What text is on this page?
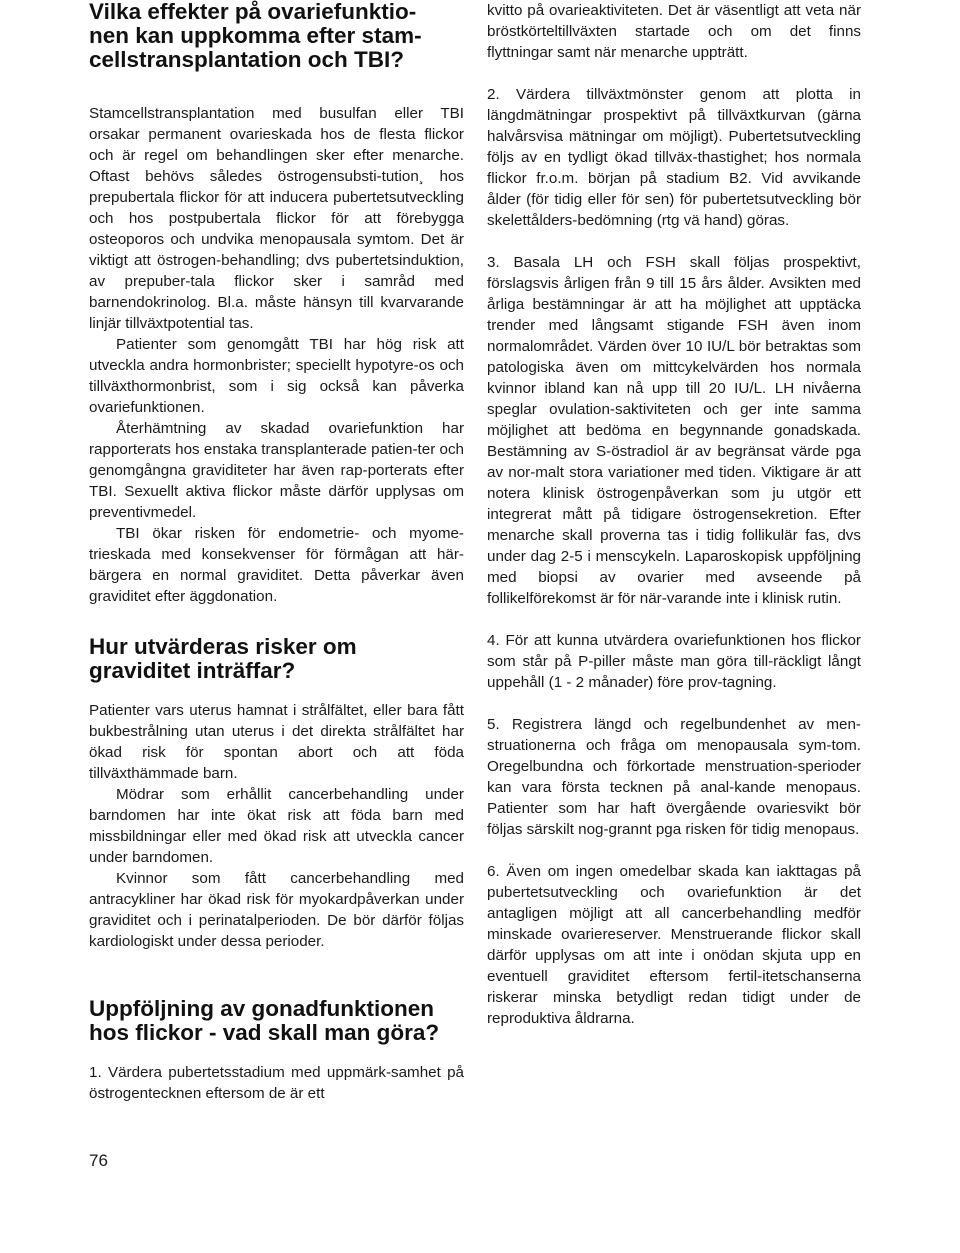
Vilka effekter på ovariefunktio-
nen kan uppkomma efter stam-
cellstransplantation och TBI?

Stamcellstransplantation med busulfan eller TBI orsakar permanent ovarieskada hos de flesta flickor och är regel om behandlingen sker efter menarche. Oftast behövs således östrogensubsti-tution¸ hos prepubertala flickor för att inducera pubertetsutveckling och hos postpubertala flickor för att förebygga osteoporos och undvika menopausala symtom. Det är viktigt att östrogen-behandling; dvs pubertetsinduktion, av prepuber-tala flickor sker i samråd med barnendokrinolog. Bl.a. måste hänsyn till kvarvarande linjär tillväxtpotential tas.

Patienter som genomgått TBI har hög risk att utveckla andra hormonbrister; speciellt hypotyre-os och tillväxthormonbrist, som i sig också kan påverka ovariefunktionen.

Återhämtning av skadad ovariefunktion har rapporterats hos enstaka transplanterade patien-ter och genomgångna graviditeter har även rap-porterats efter TBI. Sexuellt aktiva flickor måste därför upplysas om preventivmedel.

TBI ökar risken för endometrie- och myome-trieskada med konsekvenser för förmågan att här-bärgera en normal graviditet. Detta påverkar även graviditet efter äggdonation.

Hur utvärderas risker om
graviditet inträffar?

Patienter vars uterus hamnat i strålfältet, eller bara fått bukbestrålning utan uterus i det direkta strålfältet har ökad risk för spontan abort och att föda tillväxthämmade barn.

Mödrar som erhållit cancerbehandling under barndomen har inte ökat risk att föda barn med missbildningar eller med ökad risk att utveckla cancer under barndomen.

Kvinnor som fått cancerbehandling med antracykliner har ökad risk för myokardpåverkan under graviditet och i perinatalperioden. De bör därför följas kardiologiskt under dessa perioder.

Uppföljning av gonadfunktionen
hos flickor - vad skall man göra?

1. Värdera pubertetsstadium med uppmärk-samhet på östrogentecknen eftersom de är ett

kvitto på ovarieaktiviteten. Det är väsentligt att veta när bröstkörteltillväxten startade och om det finns flyttningar samt när menarche uppträtt.

2. Värdera tillväxtmönster genom att plotta in längdmätningar prospektivt på tillväxtkurvan (gärna halvårsvisa mätningar om möjligt). Pubertetsutveckling följs av en tydligt ökad tillväx-thastighet; hos normala flickor fr.o.m. början på stadium B2. Vid avvikande ålder (för tidig eller för sen) för pubertetsutveckling bör skelettålders-bedömning (rtg vä hand) göras.

3. Basala LH och FSH skall följas prospektivt, förslagsvis årligen från 9 till 15 års ålder. Avsikten med årliga bestämningar är att ha möjlighet att upptäcka trender med långsamt stigande FSH även inom normalområdet. Värden över 10 IU/L bör betraktas som patologiska även om mittcykelvärden hos normala kvinnor ibland kan nå upp till 20 IU/L. LH nivåerna speglar ovulation-saktiviteten och ger inte samma möjlighet att bedöma en begynnande gonadskada. Bestämning av S-östradiol är av begränsat värde pga av nor-malt stora variationer med tiden. Viktigare är att notera klinisk östrogenpåverkan som ju utgör ett integrerat mått på tidigare östrogensekretion. Efter menarche skall proverna tas i tidig follikulär fas, dvs under dag 2-5 i menscykeln. Laparoskopisk uppföljning med biopsi av ovarier med avseende på follikelförekomst är för när-varande inte i klinisk rutin.

4. För att kunna utvärdera ovariefunktionen hos flickor som står på P-piller måste man göra till-räckligt långt uppehåll (1 - 2 månader) före prov-tagning.

5. Registrera längd och regelbundenhet av men-struationerna och fråga om menopausala sym-tom. Oregelbundna och förkortade menstruation-sperioder kan vara första tecknen på anal-kande menopaus. Patienter som har haft övergående ovariesvikt bör följas särskilt nog-grannt pga risken för tidig menopaus.

6. Även om ingen omedelbar skada kan iakttagas på pubertetsutveckling och ovariefunktion är det antagligen möjligt att all cancerbehandling medför minskade ovariereserver. Menstruerande flickor skall därför upplysas om att inte i onödan skjuta upp en eventuell graviditet eftersom fertil-itetschanserna riskerar minska betydligt redan tidigt under de reproduktiva åldrarna.

76
